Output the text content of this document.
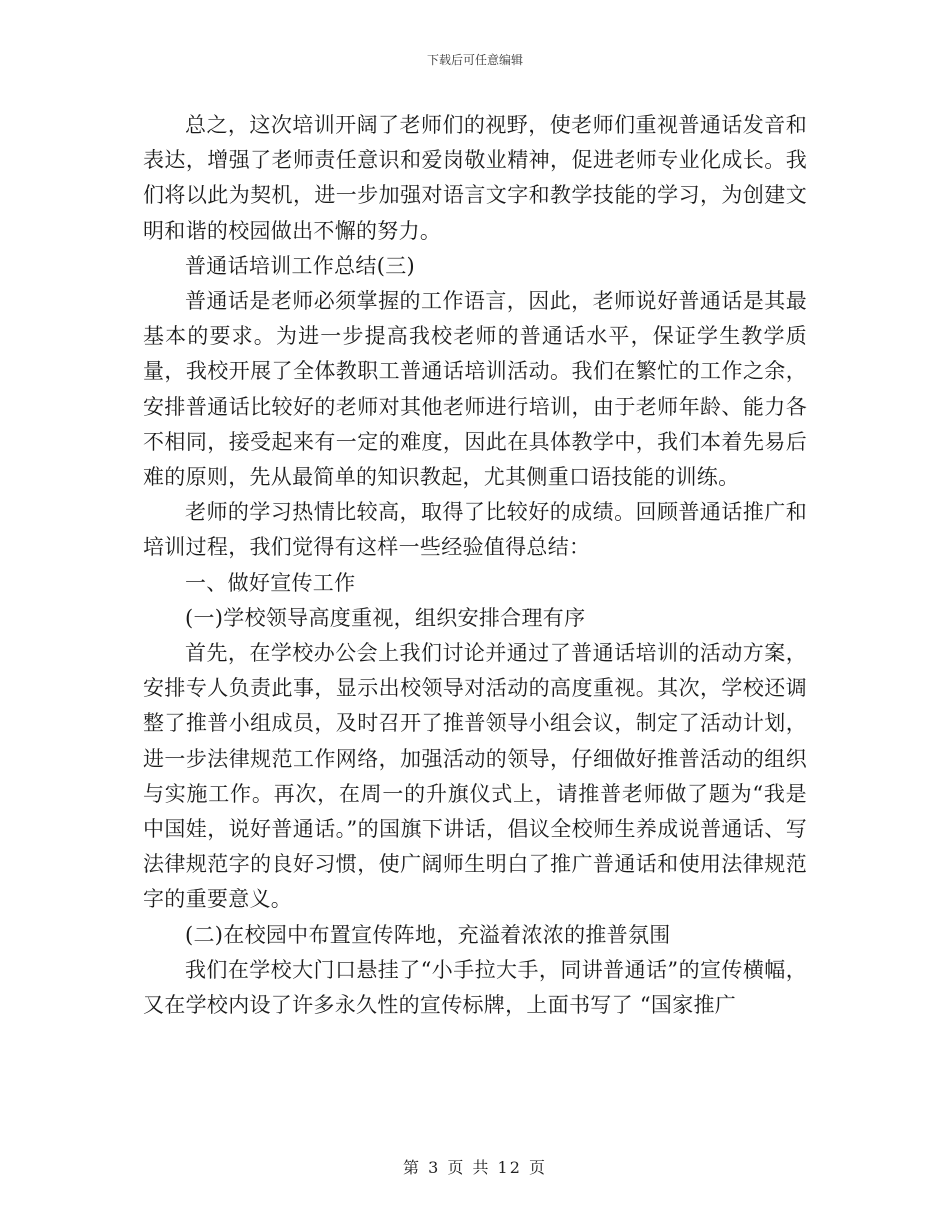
下载后可任意编辑

总之，这次培训开阔了老师们的视野，使老师们重视普通话发音和表达，增强了老师责任意识和爱岗敬业精神，促进老师专业化成长。我们将以此为契机，进一步加强对语言文字和教学技能的学习，为创建文明和谐的校园做出不懈的努力。

普通话培训工作总结(三)

普通话是老师必须掌握的工作语言，因此，老师说好普通话是其最基本的要求。为进一步提高我校老师的普通话水平，保证学生教学质量，我校开展了全体教职工普通话培训活动。我们在繁忙的工作之余，安排普通话比较好的老师对其他老师进行培训，由于老师年龄、能力各不相同，接受起来有一定的难度，因此在具体教学中，我们本着先易后难的原则，先从最简单的知识教起，尤其侧重口语技能的训练。

老师的学习热情比较高，取得了比较好的成绩。回顾普通话推广和培训过程，我们觉得有这样一些经验值得总结：

一、做好宣传工作

(一)学校领导高度重视，组织安排合理有序

首先，在学校办公会上我们讨论并通过了普通话培训的活动方案，安排专人负责此事，显示出校领导对活动的高度重视。其次，学校还调整了推普小组成员，及时召开了推普领导小组会议，制定了活动计划，进一步法律规范工作网络，加强活动的领导，仔细做好推普活动的组织与实施工作。再次，在周一的升旗仪式上，请推普老师做了题为“我是中国娃，说好普通话。”的国旗下讲话，倡议全校师生养成说普通话、写法律规范字的良好习惯，使广阔师生明白了推广普通话和使用法律规范字的重要意义。

(二)在校园中布置宣传阵地，充溢着浓浓的推普氛围

我们在学校大门口悬挂了“小手拉大手，同讲普通话”的宣传横幅，又在学校内设了许多永久性的宣传标牌，上面书写了 “国家推广

第 3 页 共 12 页
